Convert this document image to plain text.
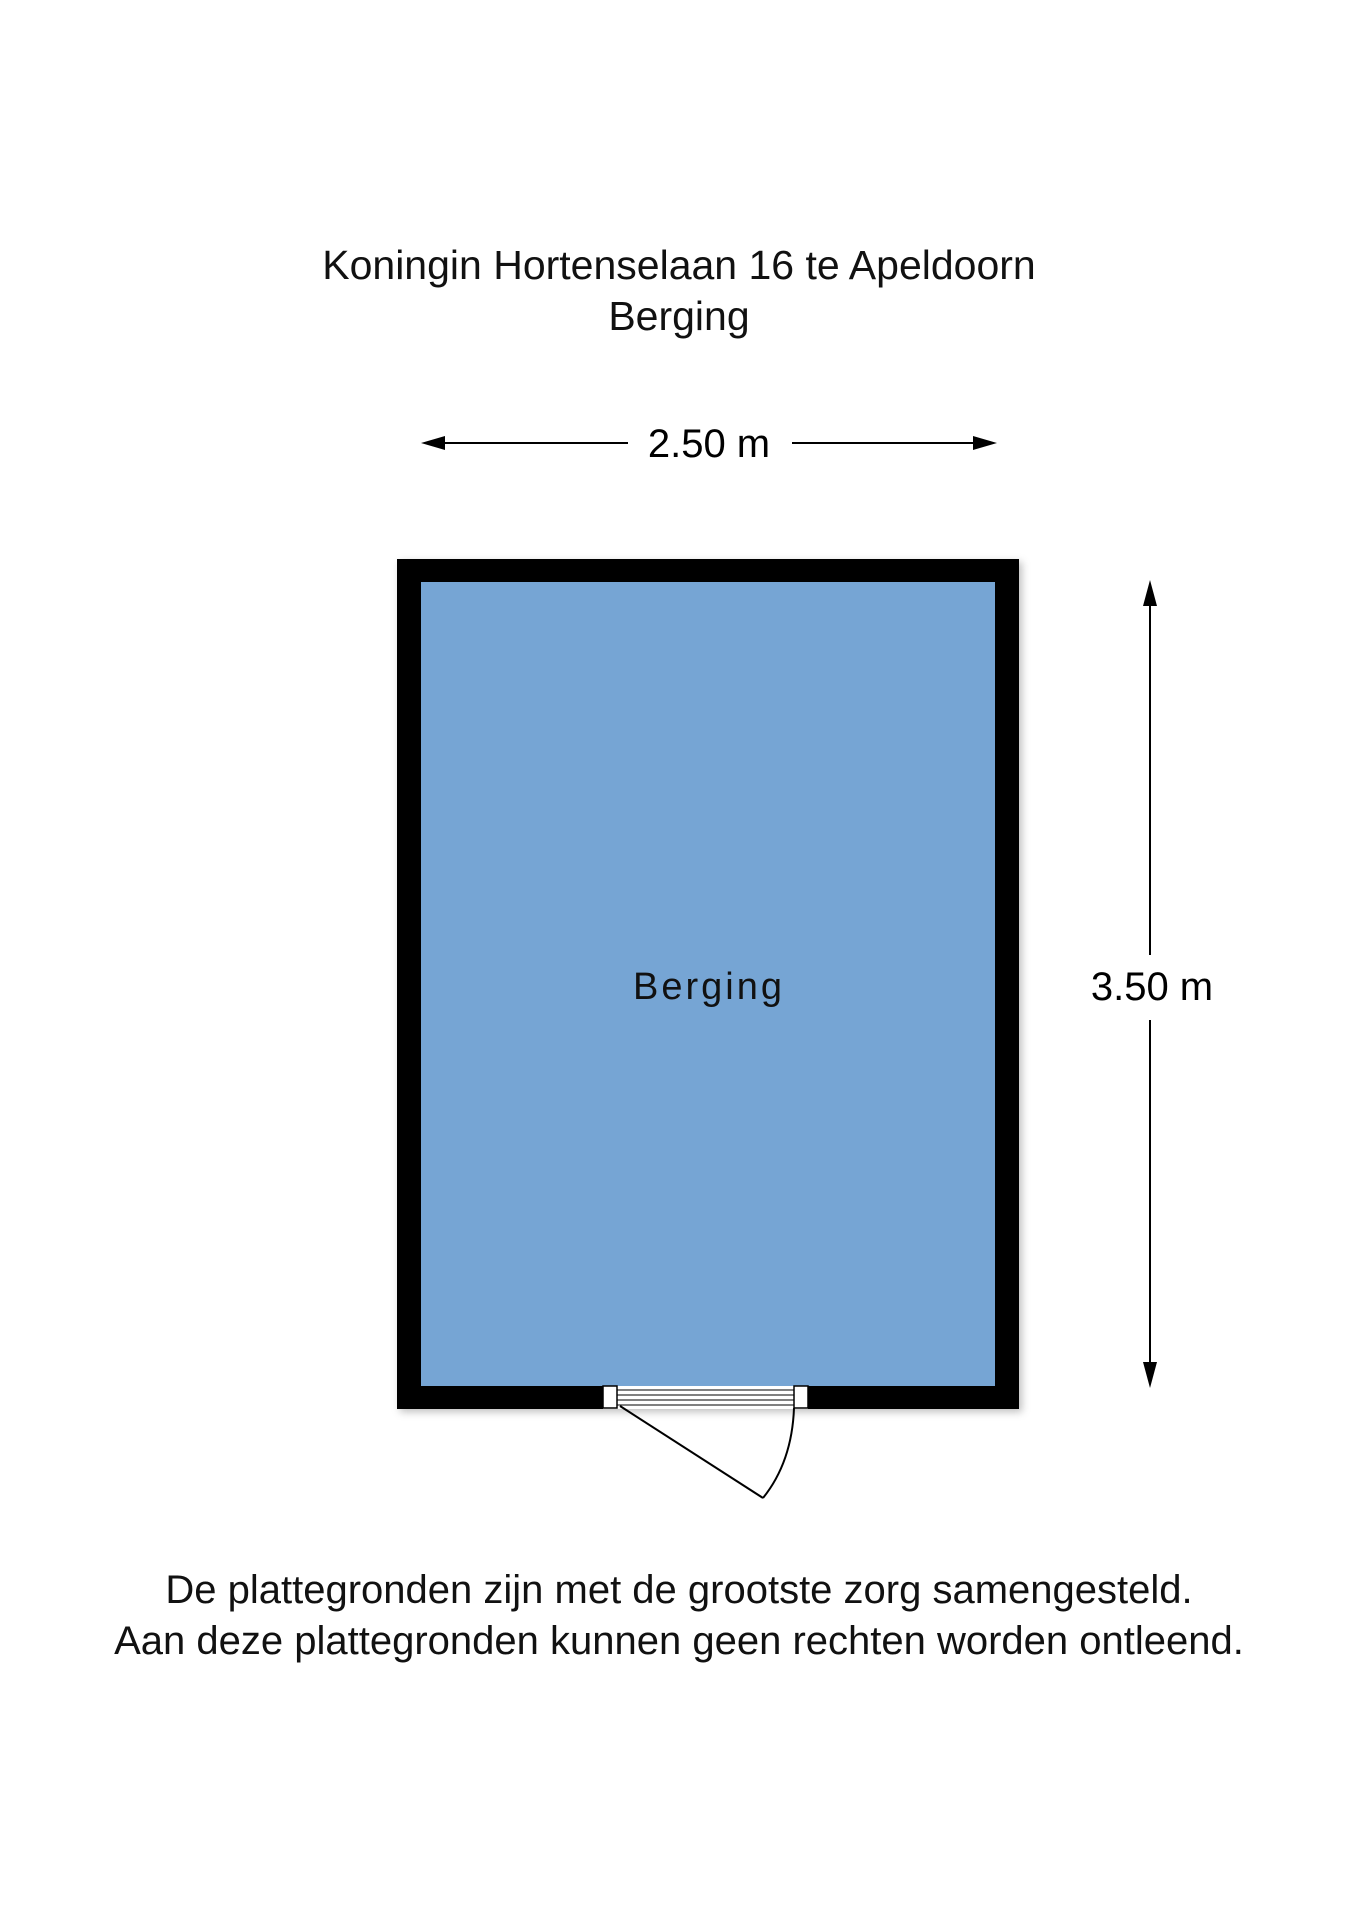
Koningin Hortenselaan 16 te Apeldoorn
Berging
2.50 m
Berging	3.50 m
De plattegronden zijn met de grootste zorg samengesteld.
Aan deze plattegronden kunnen geen rechten worden ontleend.
